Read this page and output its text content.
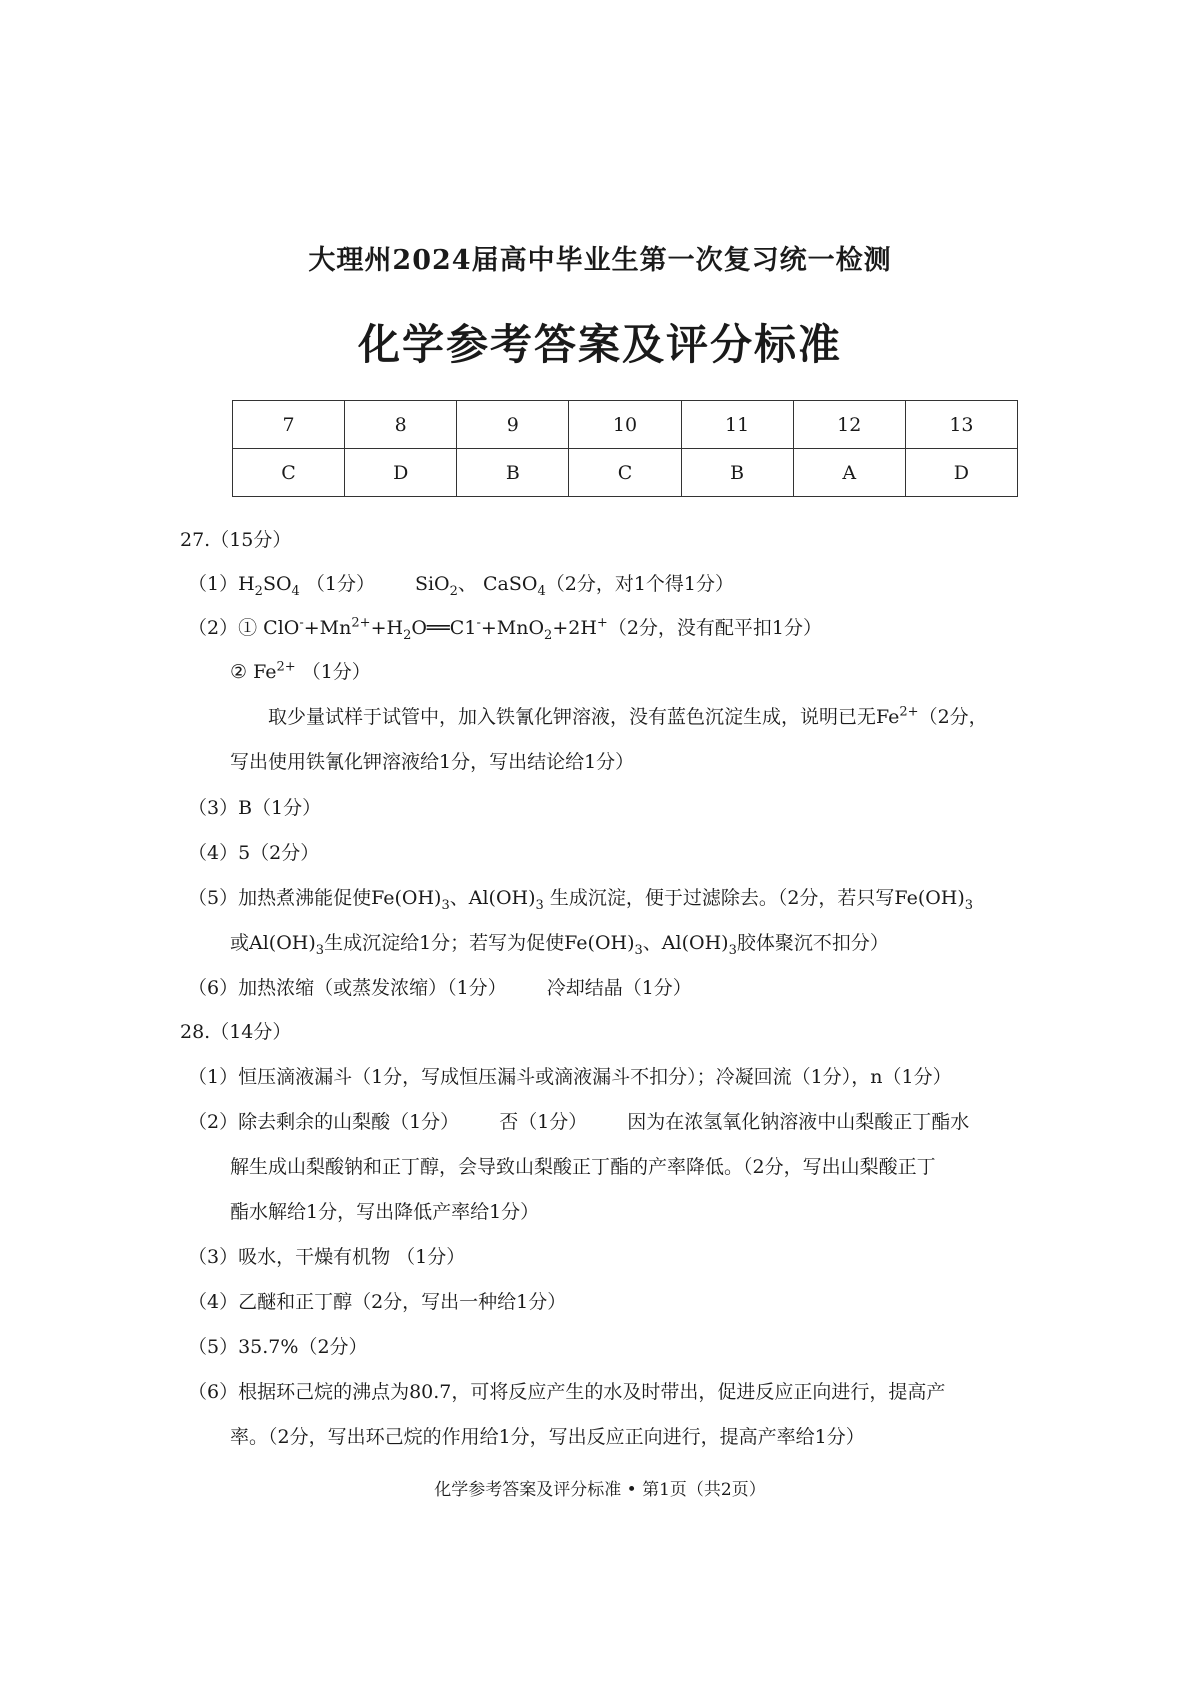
大理州2024届高中毕业生第一次复习统一检测
化学参考答案及评分标准
7	8	9	10	11	12	13
C	D	B	C	B	A	D
27.（15分）
$(1)H_2SO_4$ （1分） SiO$_2$、 CaSO$_4$（2分，对1个得1分）
（2）① $ClO^-+Mn^{2+}+H_2O══C1^-+MnO_2+2H^+(2$分，没有配平扣1分）
② $Fe^{2+}$ （1分）
取少量试样于试管中，加入铁氰化钾溶液，没有蓝色沉淀生成，说明已无$Fe^{2+}(2$分，
写出使用铁氰化钾溶液给1分，写出结论给1分）
（3）B（1分）
（4）5（2分）
（5）加热煮沸能促使$Fe(OH)_3$、$Al(OH)_3$ 生成沉淀，便于过滤除去。（2分，若只写$Fe(OH)_3$
或$Al(OH)_3$生成沉淀给1分；若写为促使$Fe(OH)_3$、$Al(OH)_3$胶体聚沉不扣分）
（6）加热浓缩（或蒸发浓缩）（1分） 冷却结晶（1分）
28.（14分）
（1）恒压滴液漏斗（1分，写成恒压漏斗或滴液漏斗不扣分）；冷凝回流（1分），n（1分）
（2）除去剩余的山梨酸（1分） 否（1分） 因为在浓氢氧化钠溶液中山梨酸正丁酯水
解生成山梨酸钠和正丁醇，会导致山梨酸正丁酯的产率降低。（2分，写出山梨酸正丁
酯水解给1分，写出降低产率给1分）
（3）吸水，干燥有机物 （1分）
（4）乙醚和正丁醇（2分，写出一种给1分）
（5）35.7%（2分）
（6）根据环己烷的沸点为80.7，可将反应产生的水及时带出，促进反应正向进行，提高产
率。（2分，写出环己烷的作用给1分，写出反应正向进行，提高产率给1分）
化学参考答案及评分标准 • 第1页（共2页）
